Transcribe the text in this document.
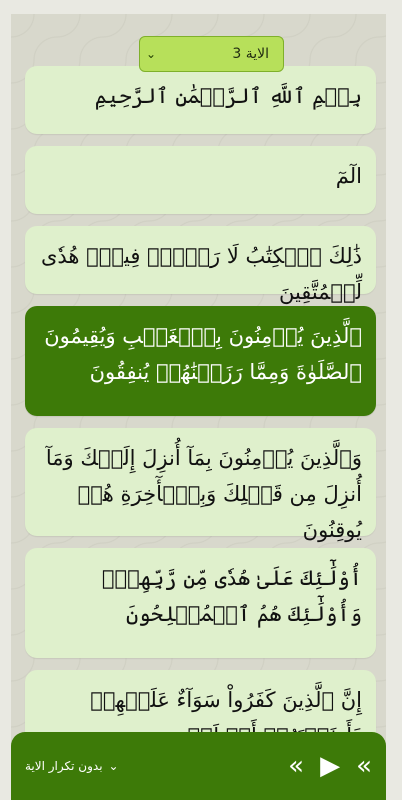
بِسۡمِ ٱللَّهِ ٱلرَّحۡمَٰنِ ٱلرَّحِيمِ
الٓمٓ
ذَٰلِكَ ٱلۡكِتَٰبُ لَا رَيۡبَۛ فِيهِۛ هُدٗى لِّلۡمُتَّقِينَ
ٱلَّذِينَ يُؤۡمِنُونَ بِٱلۡغَيۡبِ وَيُقِيمُونَ ٱلصَّلَوٰةَ وَمِمَّا رَزَقۡنَٰهُمۡ يُنفِقُونَ
وَٱلَّذِينَ يُؤۡمِنُونَ بِمَآ أُنزِلَ إِلَيۡكَ وَمَآ أُنزِلَ مِن قَبۡلِكَ وَبِٱلۡأٓخِرَةِ هُمۡ يُوقِنُونَ
أُوْلَٰٓئِكَ عَلَىٰ هُدٗى مِّن رَّبِّهِمۡۖ وَأُوْلَٰٓئِكَ هُمُ ٱلۡمُفۡلِحُونَ
إِنَّ ٱلَّذِينَ كَفَرُواْ سَوَآءٌ عَلَيۡهِمۡ
⌄	الاية 3
بدون تكرار الاية ⌄	« ▶ «
